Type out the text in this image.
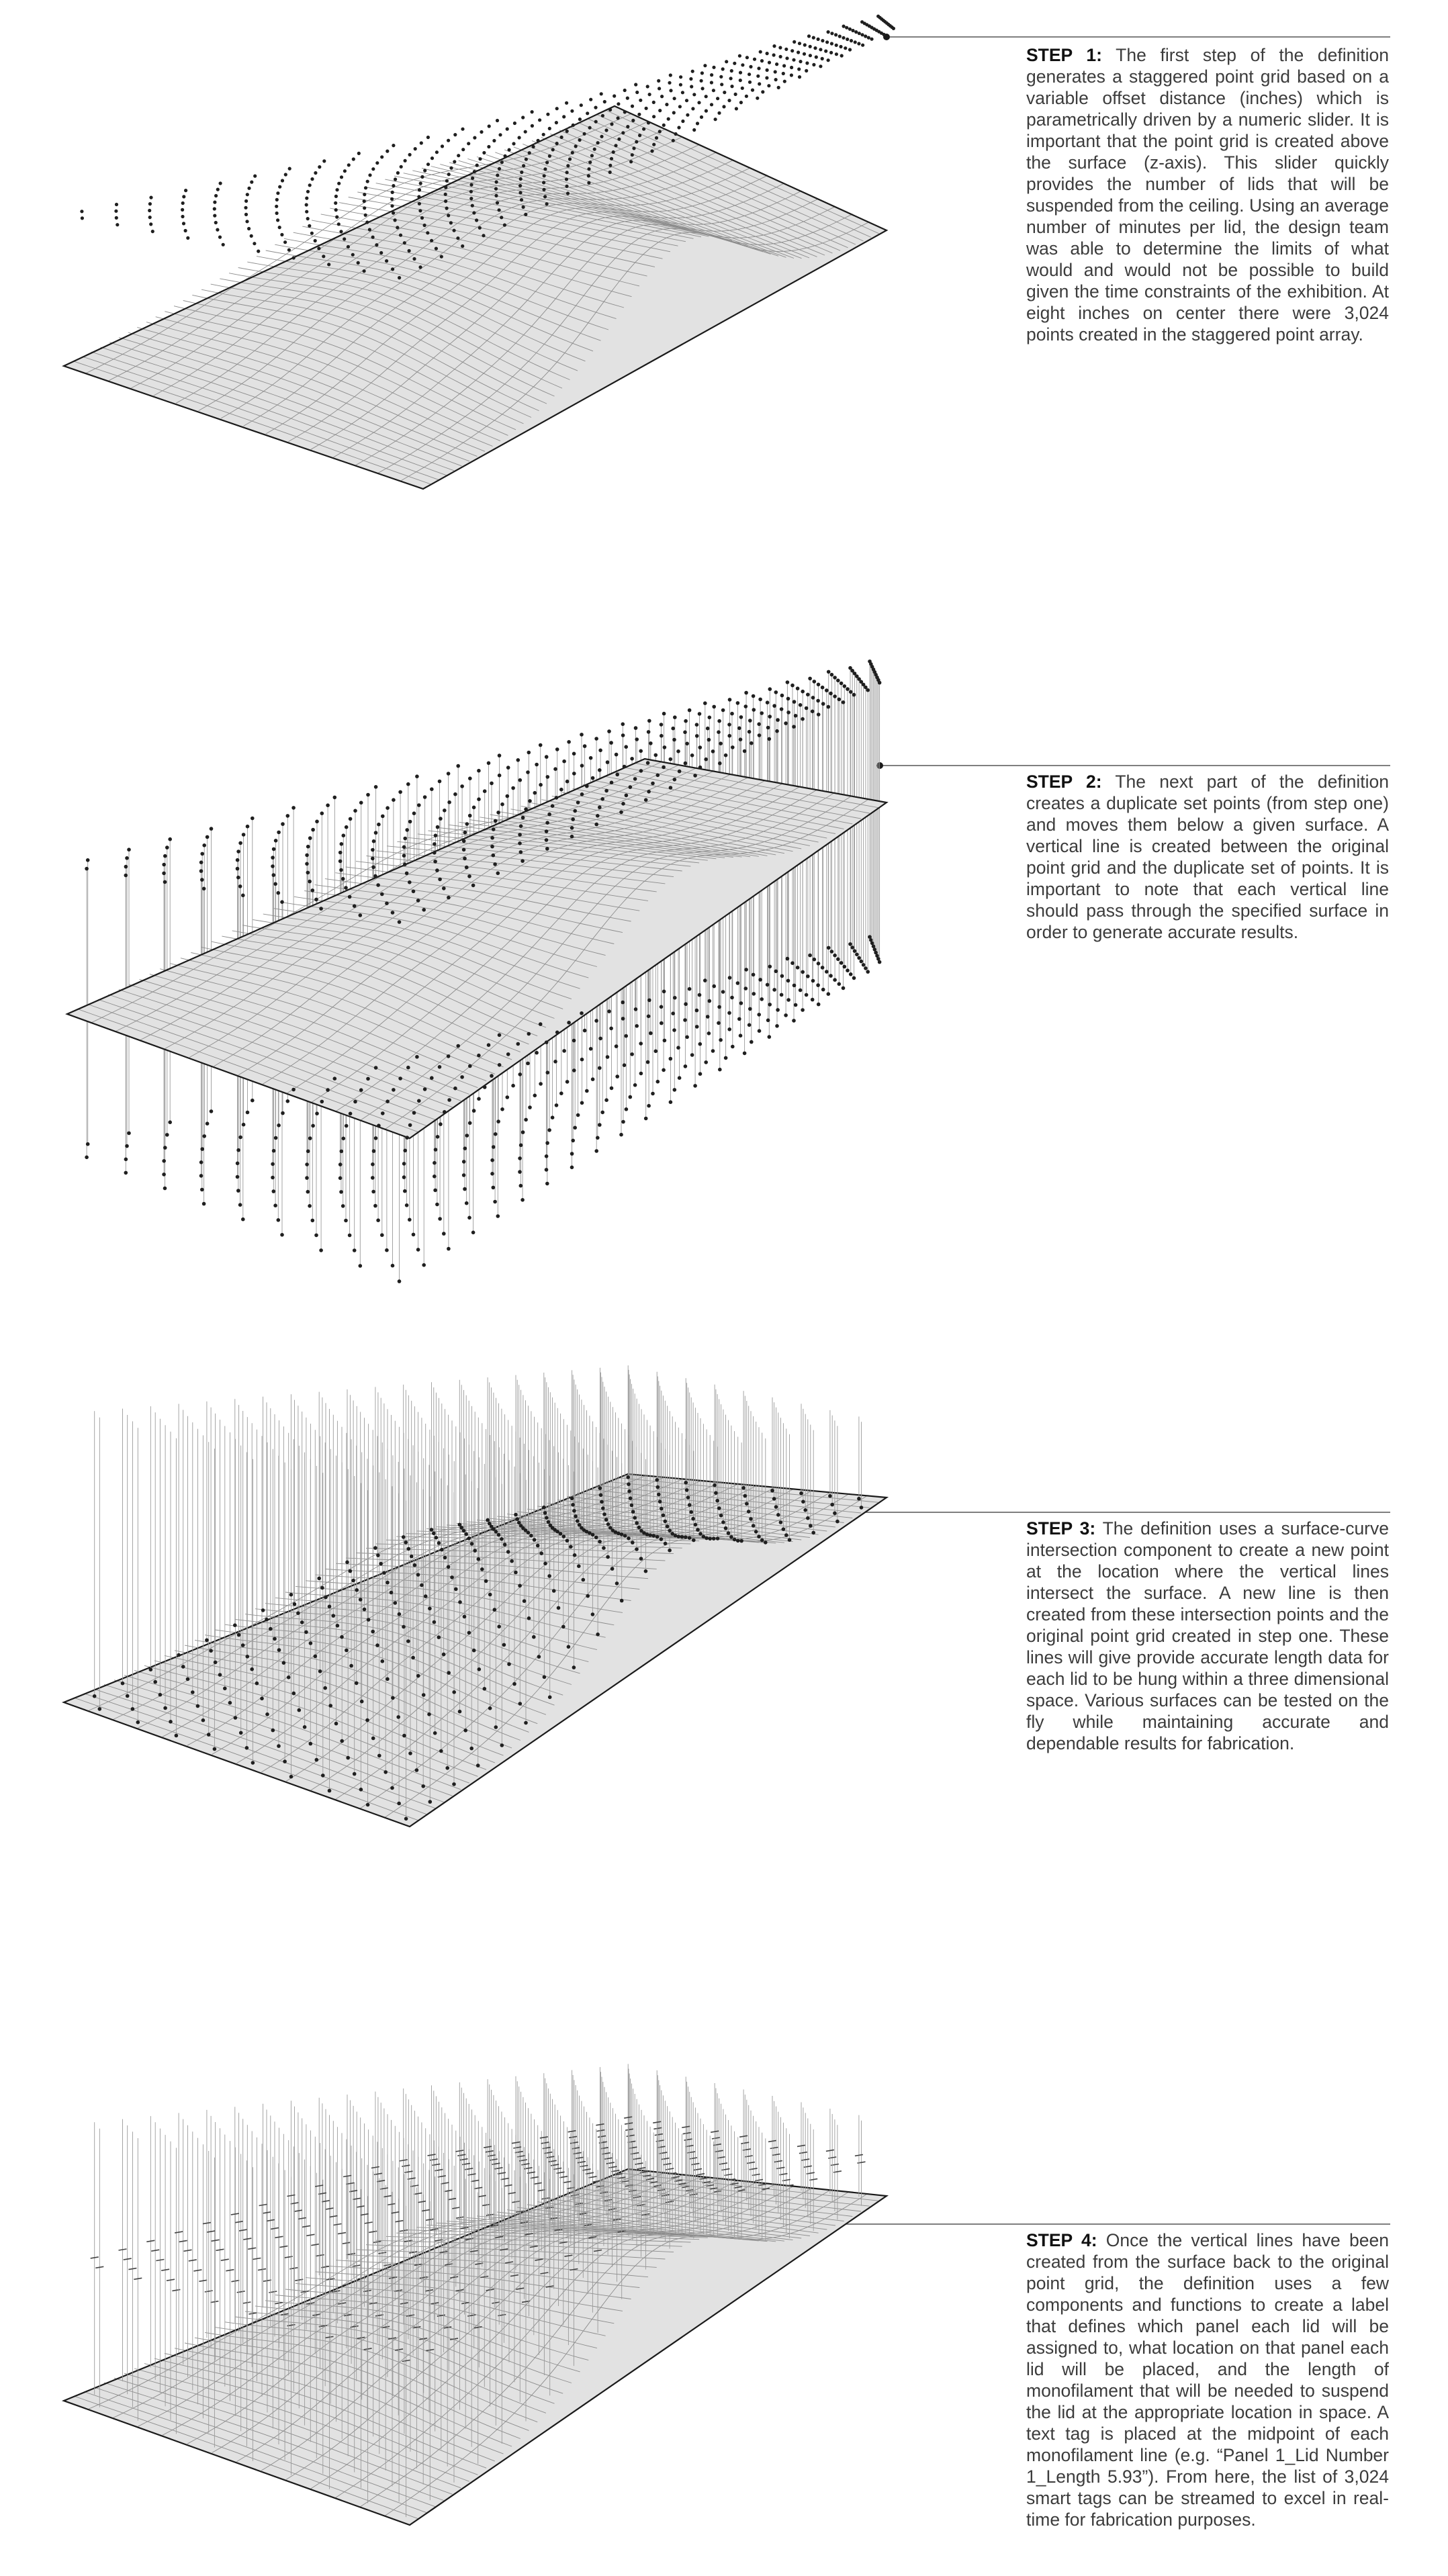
STEP 1: The first step of the definition generates a staggered point grid based on a variable offset distance (inches) which is parametrically driven by a numeric slider. It is important that the point grid is created above the surface (z-axis). This slider quickly provides the number of lids that will be suspended from the ceiling. Using an average number of minutes per lid, the design team was able to determine the limits of what would and would not be possible to build given the time constraints of the exhibition. At eight inches on center there were 3,024 points created in the staggered point array.

STEP 2: The next part of the definition creates a duplicate set points (from step one) and moves them below a given surface. A vertical line is created between the original point grid and the duplicate set of points. It is important to note that each vertical line should pass through the specified surface in order to generate accurate results.

STEP 3: The definition uses a surface-curve intersection component to create a new point at the location where the vertical lines intersect the surface. A new line is then created from these intersection points and the original point grid created in step one. These lines will give provide accurate length data for each lid to be hung within a three dimensional space. Various surfaces can be tested on the fly while maintaining accurate and dependable results for fabrication.

STEP 4: Once the vertical lines have been created from the surface back to the original point grid, the definition uses a few components and functions to create a label that defines which panel each lid will be assigned to, what location on that panel each lid will be placed, and the length of monofilament that will be needed to suspend the lid at the appropriate location in space. A text tag is placed at the midpoint of each monofilament line (e.g. “Panel 1_Lid Number 1_Length 5.93”). From here, the list of 3,024 smart tags can be streamed to excel in real-time for fabrication purposes.
